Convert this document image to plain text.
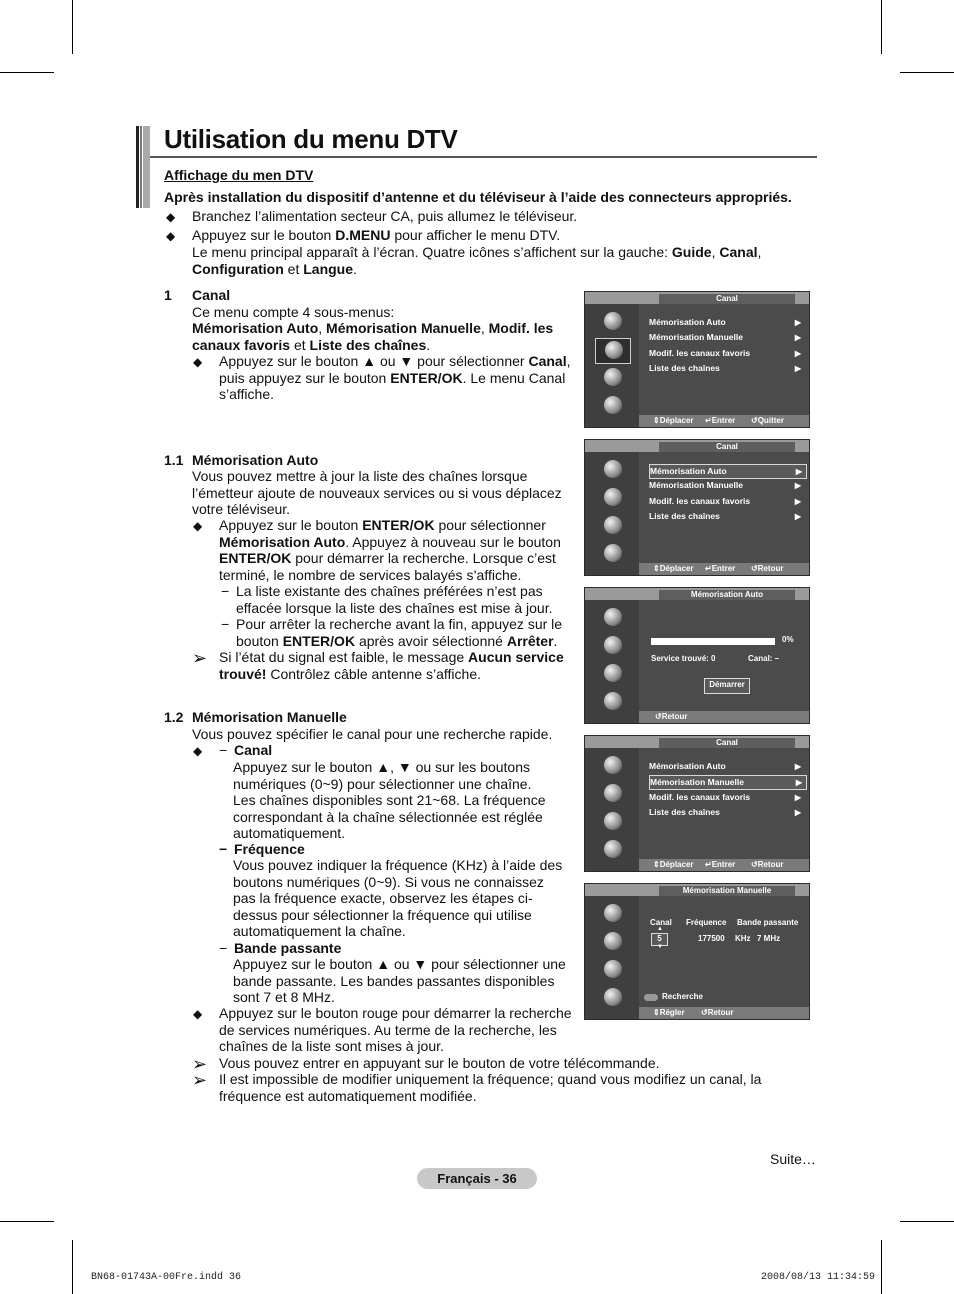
Utilisation du menu DTV
Affichage du men DTV
Après installation du dispositif d’antenne et du téléviseur à l’aide des connecteurs appropriés.
◆ Branchez l’alimentation secteur CA, puis allumez le téléviseur.
◆ Appuyez sur le bouton D.MENU pour afficher le menu DTV.
Le menu principal apparaît à l’écran. Quatre icônes s’affichent sur la gauche: Guide, Canal,
Configuration et Langue.
1 Canal
Ce menu compte 4 sous-menus:
Mémorisation Auto, Mémorisation Manuelle, Modif. les
canaux favoris et Liste des chaînes.
◆ Appuyez sur le bouton ▲ ou ▼ pour sélectionner Canal,
puis appuyez sur le bouton ENTER/OK. Le menu Canal
s’affiche.
1.1 Mémorisation Auto
Vous pouvez mettre à jour la liste des chaînes lorsque
l’émetteur ajoute de nouveaux services ou si vous déplacez
votre téléviseur.
◆ Appuyez sur le bouton ENTER/OK pour sélectionner
Mémorisation Auto. Appuyez à nouveau sur le bouton
ENTER/OK pour démarrer la recherche. Lorsque c’est
terminé, le nombre de services balayés s’affiche.
− La liste existante des chaînes préférées n’est pas
effacée lorsque la liste des chaînes est mise à jour.
− Pour arrêter la recherche avant la fin, appuyez sur le
bouton ENTER/OK après avoir sélectionné Arrêter.
➢ Si l’état du signal est faible, le message Aucun service
trouvé! Contrôlez câble antenne s’affiche.
1.2 Mémorisation Manuelle
Vous pouvez spécifier le canal pour une recherche rapide.
◆ − Canal
Appuyez sur le bouton ▲, ▼ ou sur les boutons
numériques (0~9) pour sélectionner une chaîne.
Les chaînes disponibles sont 21~68. La fréquence
correspondant à la chaîne sélectionnée est réglée
automatiquement.
− Fréquence
Vous pouvez indiquer la fréquence (KHz) à l’aide des
boutons numériques (0~9). Si vous ne connaissez
pas la fréquence exacte, observez les étapes ci-
dessus pour sélectionner la fréquence qui utilise
automatiquement la chaîne.
− Bande passante
Appuyez sur le bouton ▲ ou ▼ pour sélectionner une
bande passante. Les bandes passantes disponibles
sont 7 et 8 MHz.
◆ Appuyez sur le bouton rouge pour démarrer la recherche
de services numériques. Au terme de la recherche, les
chaînes de la liste sont mises à jour.
➢ Vous pouvez entrer en appuyant sur le bouton de votre télécommande.
➢ Il est impossible de modifier uniquement la fréquence; quand vous modifiez un canal, la
fréquence est automatiquement modifiée.
Canal
Mémorisation Auto	▶
Mémorisation Manuelle	▶
Modif. les canaux favoris	▶
Liste des chaînes	▶
⇕ Déplacer ↵ Entrer ↺ Quitter
Canal
Mémorisation Auto	▶
Mémorisation Manuelle	▶
Modif. les canaux favoris	▶
Liste des chaînes	▶
⇕ Déplacer ↵ Entrer ↺ Retour
Mémorisation Auto
0%
Service trouvé: 0	Canal: –
Démarrer
↺ Retour
Canal
Mémorisation Auto	▶
Mémorisation Manuelle	▶
Modif. les canaux favoris	▶
Liste des chaînes	▶
⇕ Déplacer ↵ Entrer ↺ Retour
Mémorisation Manuelle
Canal Fréquence Bande passante
▲
5
▼
177500 KHz 7 MHz
Recherche
⇕ Régler ↺ Retour
Suite…
Français - 36
BN68-01743A-00Fre.indd 36	2008/08/13 11:34:59
